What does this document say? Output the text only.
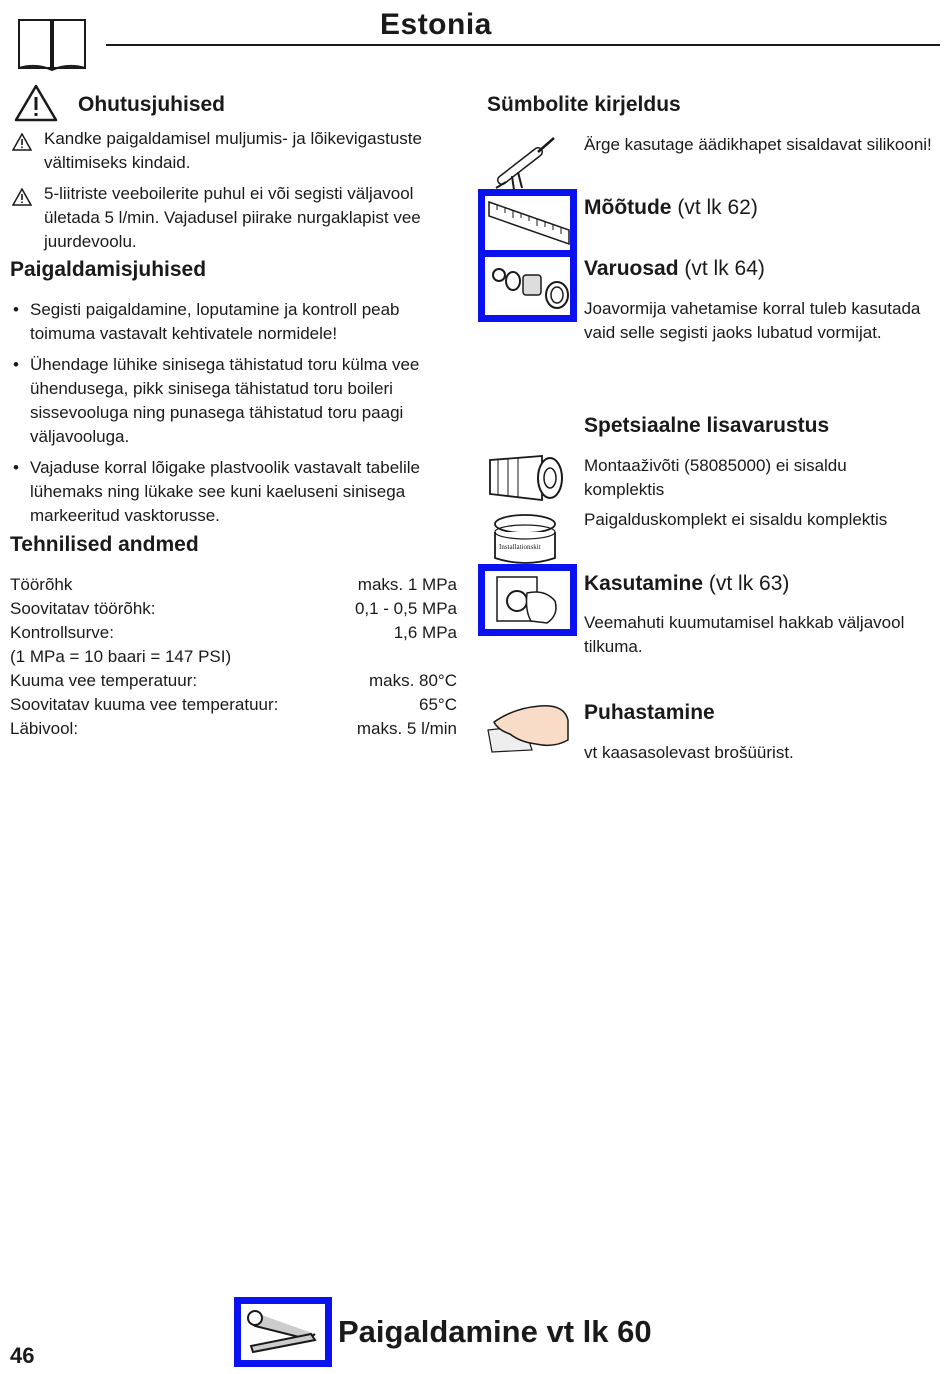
Estonia
Ohutusjuhised
Kandke paigaldamisel muljumis- ja lõikevigastuste vältimiseks kindaid.
5-liitriste veeboilerite puhul ei või segisti väljavool ületada 5 l/min. Vajadusel piirake nurgaklapist vee juurdevoolu.
Paigaldamisjuhised
• Segisti paigaldamine, loputamine ja kontroll peab toimuma vastavalt kehtivatele normidele!
• Ühendage lühike sinisega tähistatud toru külma vee ühendusega, pikk sinisega tähistatud toru boileri sissevooluga ning punasega tähistatud toru paagi väljavooluga.
• Vajaduse korral lõigake plastvoolik vastavalt tabelile lühemaks ning lükake see kuni kaeluseni sinisega markeeritud vasktorusse.
Tehnilised andmed
Töörõhk	maks. 1 MPa
Soovitatav töörõhk:	0,1 - 0,5 MPa
Kontrollsurve:	1,6 MPa
(1 MPa = 10 baari = 147 PSI)
Kuuma vee temperatuur:	maks. 80°C
Soovitatav kuuma vee temperatuur:	65°C
Läbivool:	maks. 5 l/min
Sümbolite kirjeldus
Ärge kasutage äädikhapet sisaldavat silikooni!
Mõõtude (vt lk 62)
Varuosad (vt lk 64)
Joavormija vahetamise korral tuleb kasutada vaid selle segisti jaoks lubatud vormijat.
Spetsiaalne lisavarustus
Montaaživõti (58085000) ei sisaldu komplektis
Installationskit
Paigalduskomplekt ei sisaldu komplektis
Kasutamine (vt lk 63)
Veemahuti kuumutamisel hakkab väljavool tilkuma.
Puhastamine
vt kaasasolevast brošüürist.
Paigaldamine vt lk 60
46
